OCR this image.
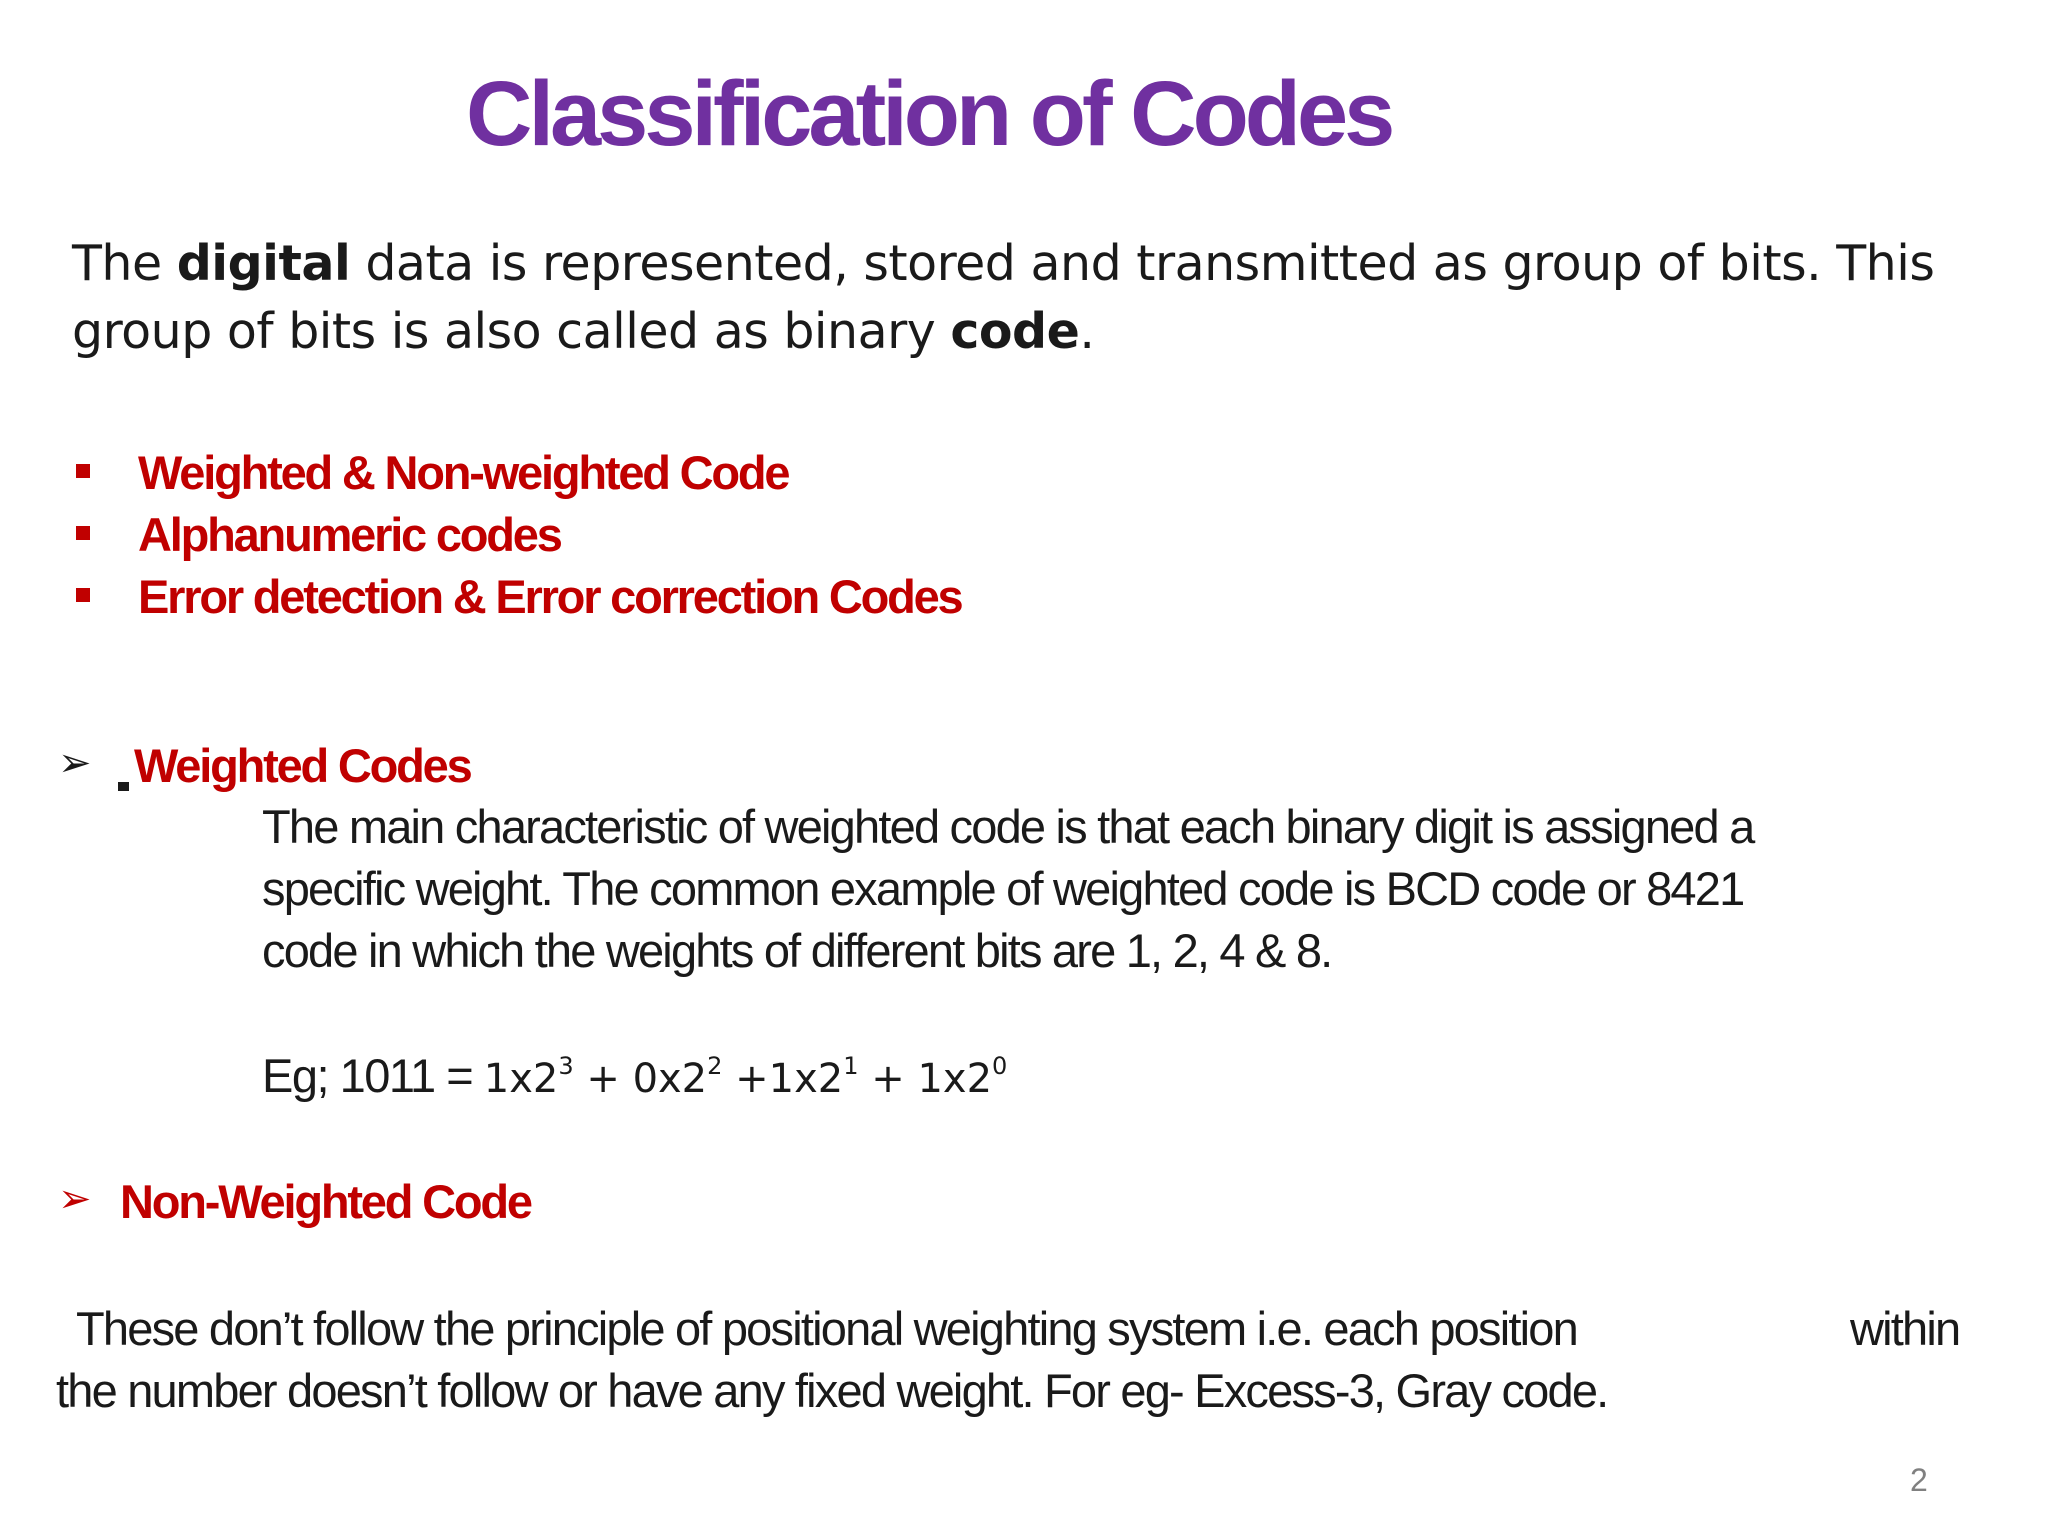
Classification of Codes
The digital data is represented, stored and transmitted as group of bits. This group of bits is also called as binary code.
Weighted & Non-weighted Code
Alphanumeric codes
Error detection & Error correction Codes
➢ Weighted Codes
The main characteristic of weighted code is that each binary digit is assigned a
specific weight. The common example of weighted code is BCD code or 8421
code in which the weights of different bits are 1, 2, 4 & 8.
Eg; $1011 = 1x2^3 + 0x2^2 +1x2^1 + 1x2^0$
➢ Non-Weighted Code
These don’t follow the principle of positional weighting system i.e. each position	within
the number doesn’t follow or have any fixed weight. For eg- Excess-3, Gray code.
2
